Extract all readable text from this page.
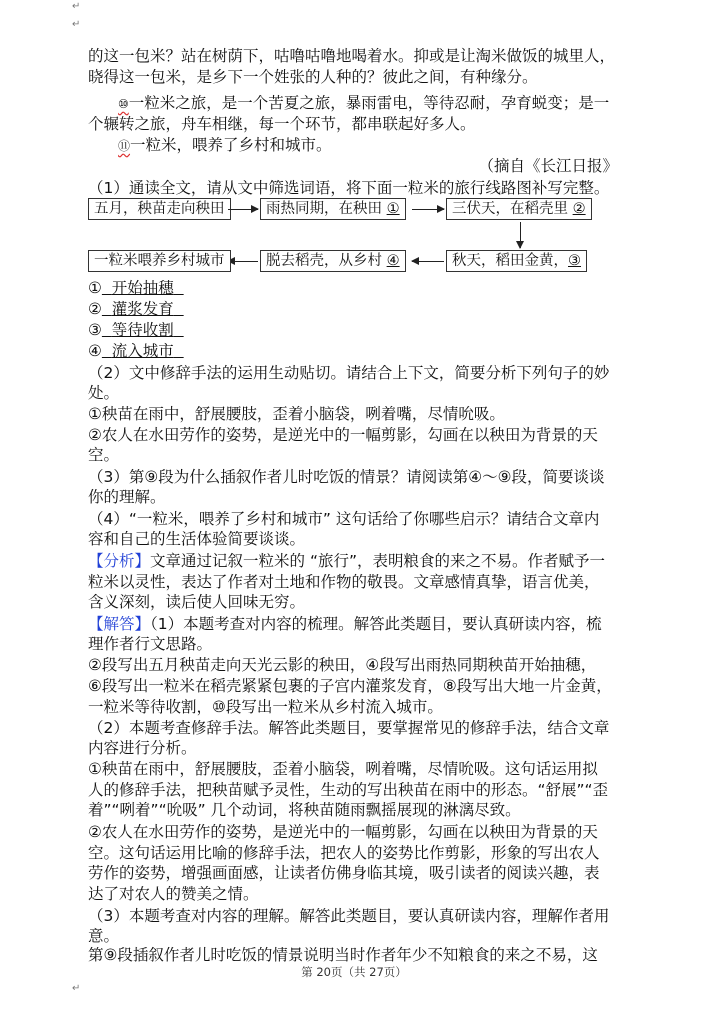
↵
↵
↵
的这一包米？站在树荫下，咕噜咕噜地喝着水。抑或是让淘米做饭的城里人，
晓得这一包米，是乡下一个姓张的人种的？彼此之间，有种缘分。
⑩一粒米之旅，是一个苦夏之旅，暴雨雷电，等待忍耐，孕育蜕变；是一
个辗转之旅，舟车相继，每一个环节，都串联起好多人。
⑪一粒米，喂养了乡村和城市。
（摘自《长江日报》
（1）通读全文，请从文中筛选词语，将下面一粒米的旅行线路图补写完整。
五月，秧苗走向秧田	雨热同期，在秧田 ①	三伏天，在稻壳里 ②
秋天，稻田金黄，③
脱去稻壳，从乡村 ④
一粒米喂养乡村城市
① 开始抽穗
② 灌浆发育
③ 等待收割
④ 流入城市
（2）文中修辞手法的运用生动贴切。请结合上下文，简要分析下列句子的妙
处。
①秧苗在雨中，舒展腰肢，歪着小脑袋，咧着嘴，尽情吮吸。
②农人在水田劳作的姿势，是逆光中的一幅剪影，勾画在以秧田为背景的天
空。
（3）第⑨段为什么插叙作者儿时吃饭的情景？请阅读第④～⑨段，简要谈谈
你的理解。
（4）“一粒米，喂养了乡村和城市” 这句话给了你哪些启示？请结合文章内
容和自己的生活体验简要谈谈。
【分析】文章通过记叙一粒米的 “旅行”，表明粮食的来之不易。作者赋予一
粒米以灵性，表达了作者对土地和作物的敬畏。文章感情真挚，语言优美，
含义深刻，读后使人回味无穷。
【解答】（1）本题考查对内容的梳理。解答此类题目，要认真研读内容，梳
理作者行文思路。
②段写出五月秧苗走向天光云影的秧田，④段写出雨热同期秧苗开始抽穗，
⑥段写出一粒米在稻壳紧紧包裹的子宫内灌浆发育，⑧段写出大地一片金黄，
一粒米等待收割，⑩段写出一粒米从乡村流入城市。
（2）本题考查修辞手法。解答此类题目，要掌握常见的修辞手法，结合文章
内容进行分析。
①秧苗在雨中，舒展腰肢，歪着小脑袋，咧着嘴，尽情吮吸。这句话运用拟
人的修辞手法，把秧苗赋予灵性，生动的写出秧苗在雨中的形态。“舒展”“歪
着”“咧着”“吮吸” 几个动词，将秧苗随雨飘摇展现的淋漓尽致。
②农人在水田劳作的姿势，是逆光中的一幅剪影，勾画在以秧田为背景的天
空。这句话运用比喻的修辞手法，把农人的姿势比作剪影，形象的写出农人
劳作的姿势，增强画面感，让读者仿佛身临其境，吸引读者的阅读兴趣，表
达了对农人的赞美之情。
（3）本题考查对内容的理解。解答此类题目，要认真研读内容，理解作者用
意。
第⑨段插叙作者儿时吃饭的情景说明当时作者年少不知粮食的来之不易，这
第 20页（共 27页）
